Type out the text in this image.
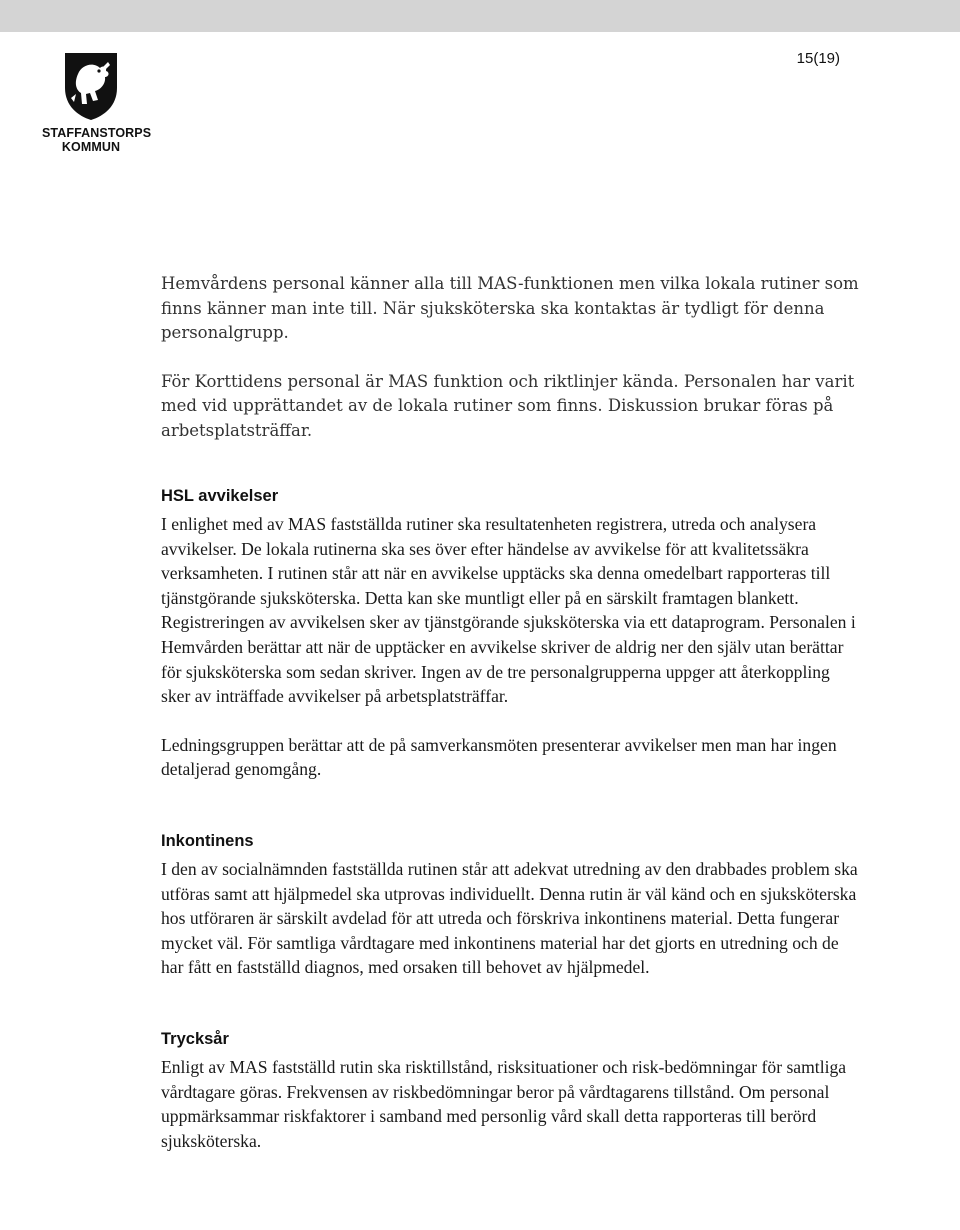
STAFFANSTORPS KOMMUN
15(19)

Hemvårdens personal känner alla till MAS-funktionen men vilka lokala rutiner som finns känner man inte till. När sjuksköterska ska kontaktas är tydligt för denna personalgrupp.

För Korttidens personal är MAS funktion och riktlinjer kända. Personalen har varit med vid upprättandet av de lokala rutiner som finns. Diskussion brukar föras på arbetsplatsträffar.

HSL avvikelser

I enlighet med av MAS fastställda rutiner ska resultatenheten registrera, utreda och analysera avvikelser. De lokala rutinerna ska ses över efter händelse av avvikelse för att kvalitetssäkra verksamheten. I rutinen står att när en avvikelse upptäcks ska denna omedelbart rapporteras till tjänstgörande sjuksköterska. Detta kan ske muntligt eller på en särskilt framtagen blankett. Registreringen av avvikelsen sker av tjänstgörande sjuksköterska via ett dataprogram. Personalen i Hemvården berättar att när de upptäcker en avvikelse skriver de aldrig ner den själv utan berättar för sjuksköterska som sedan skriver. Ingen av de tre personalgrupperna uppger att återkoppling sker av inträffade avvikelser på arbetsplatsträffar.

Ledningsgruppen berättar att de på samverkansmöten presenterar avvikelser men man har ingen detaljerad genomgång.

Inkontinens

I den av socialnämnden fastställda rutinen står att adekvat utredning av den drabbades problem ska utföras samt att hjälpmedel ska utprovas individuellt. Denna rutin är väl känd och en sjuksköterska hos utföraren är särskilt avdelad för att utreda och förskriva inkontinens material. Detta fungerar mycket väl. För samtliga vårdtagare med inkontinens material har det gjorts en utredning och de har fått en fastställd diagnos, med orsaken till behovet av hjälpmedel.

Trycksår

Enligt av MAS fastställd rutin ska risktillstånd, risksituationer och risk-bedömningar för samtliga vårdtagare göras. Frekvensen av riskbedömningar beror på vårdtagarens tillstånd. Om personal uppmärksammar riskfaktorer i samband med personlig vård skall detta rapporteras till berörd sjuksköterska.
